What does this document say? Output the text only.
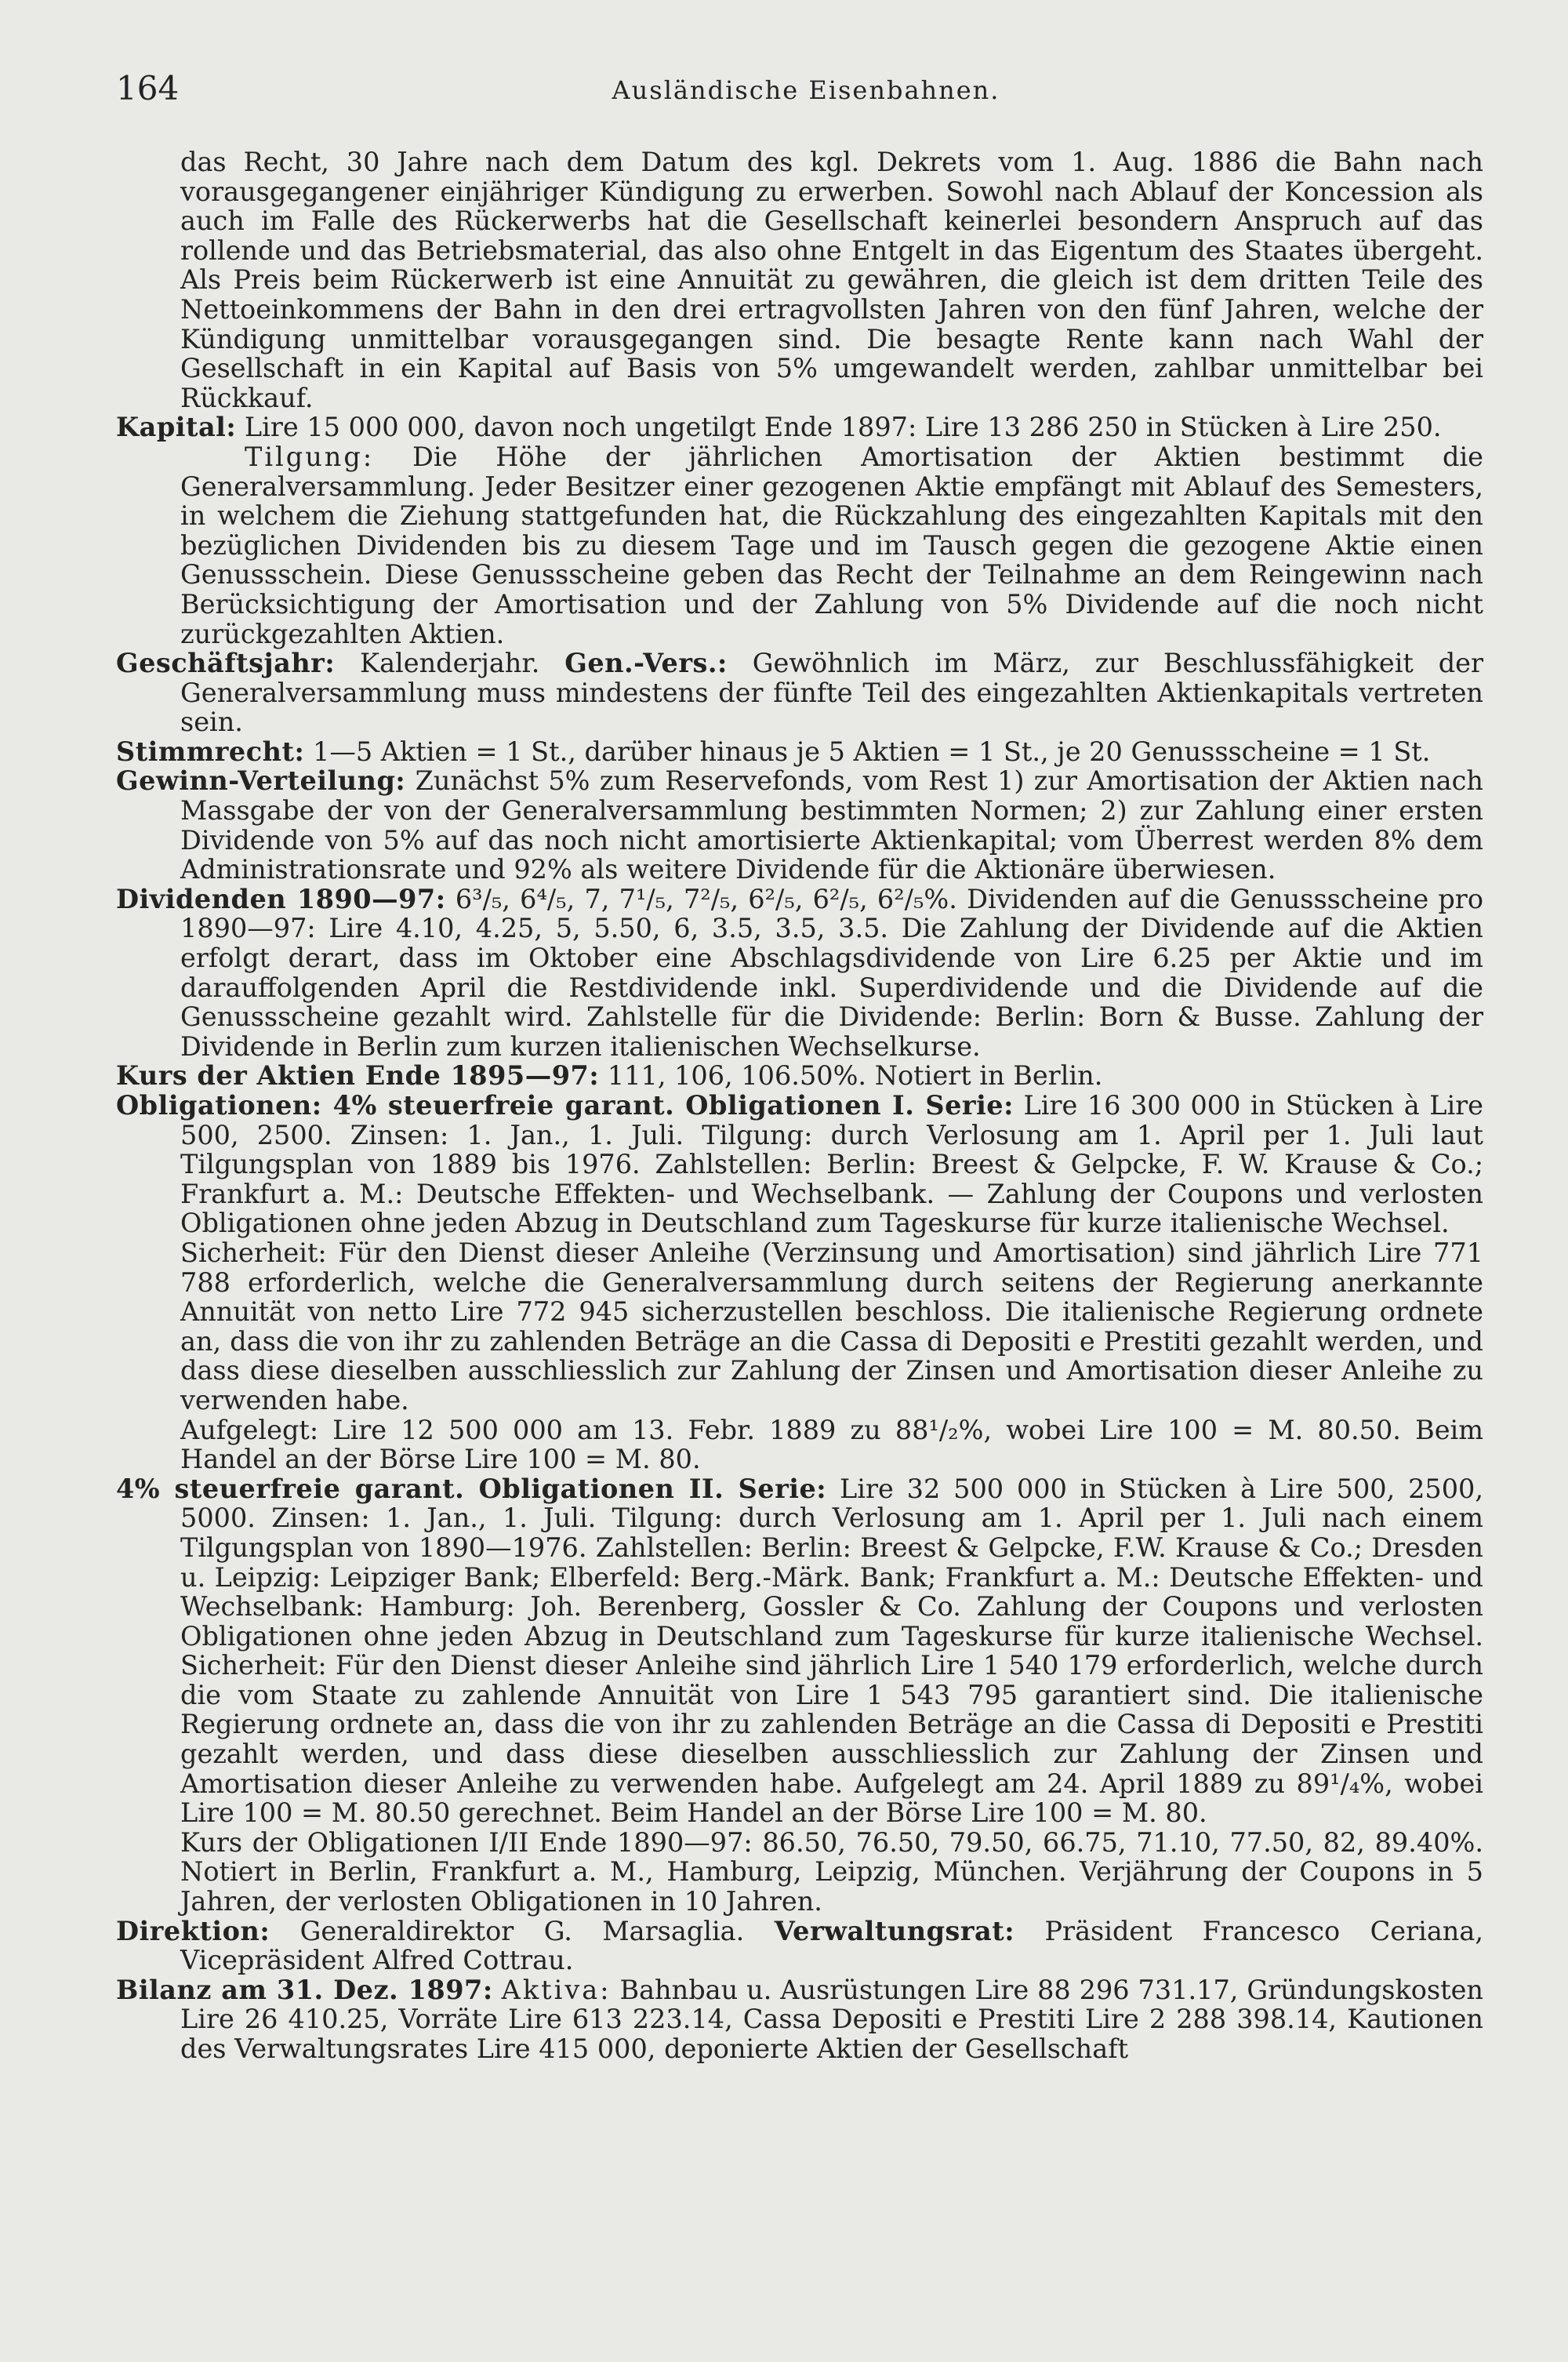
164	Ausländische Eisenbahnen.

das Recht, 30 Jahre nach dem Datum des kgl. Dekrets vom 1. Aug. 1886 die Bahn nach vorausgegangener einjähriger Kündigung zu erwerben. Sowohl nach Ablauf der Koncession als auch im Falle des Rückerwerbs hat die Gesellschaft keinerlei besondern Anspruch auf das rollende und das Betriebsmaterial, das also ohne Entgelt in das Eigentum des Staates übergeht. Als Preis beim Rückerwerb ist eine Annuität zu gewähren, die gleich ist dem dritten Teile des Nettoeinkommens der Bahn in den drei ertragvollsten Jahren von den fünf Jahren, welche der Kündigung unmittelbar vorausgegangen sind. Die besagte Rente kann nach Wahl der Gesellschaft in ein Kapital auf Basis von 5% umgewandelt werden, zahlbar unmittelbar bei Rückkauf.

Kapital: Lire 15 000 000, davon noch ungetilgt Ende 1897: Lire 13 286 250 in Stücken à Lire 250.

Tilgung: Die Höhe der jährlichen Amortisation der Aktien bestimmt die Generalversammlung. Jeder Besitzer einer gezogenen Aktie empfängt mit Ablauf des Semesters, in welchem die Ziehung stattgefunden hat, die Rückzahlung des eingezahlten Kapitals mit den bezüglichen Dividenden bis zu diesem Tage und im Tausch gegen die gezogene Aktie einen Genussschein. Diese Genussscheine geben das Recht der Teilnahme an dem Reingewinn nach Berücksichtigung der Amortisation und der Zahlung von 5% Dividende auf die noch nicht zurückgezahlten Aktien.

Geschäftsjahr: Kalenderjahr. Gen.-Vers.: Gewöhnlich im März, zur Beschlussfähigkeit der Generalversammlung muss mindestens der fünfte Teil des eingezahlten Aktienkapitals vertreten sein.

Stimmrecht: 1—5 Aktien = 1 St., darüber hinaus je 5 Aktien = 1 St., je 20 Genussscheine = 1 St.

Gewinn-Verteilung: Zunächst 5% zum Reservefonds, vom Rest 1) zur Amortisation der Aktien nach Massgabe der von der Generalversammlung bestimmten Normen; 2) zur Zahlung einer ersten Dividende von 5% auf das noch nicht amortisierte Aktienkapital; vom Überrest werden 8% dem Administrationsrate und 92% als weitere Dividende für die Aktionäre überwiesen.

Dividenden 1890—97: 6³/₅, 6⁴/₅, 7, 7¹/₅, 7²/₅, 6²/₅, 6²/₅, 6²/₅%. Dividenden auf die Genussscheine pro 1890—97: Lire 4.10, 4.25, 5, 5.50, 6, 3.5, 3.5, 3.5. Die Zahlung der Dividende auf die Aktien erfolgt derart, dass im Oktober eine Abschlagsdividende von Lire 6.25 per Aktie und im darauffolgenden April die Restdividende inkl. Superdividende und die Dividende auf die Genussscheine gezahlt wird. Zahlstelle für die Dividende: Berlin: Born & Busse. Zahlung der Dividende in Berlin zum kurzen italienischen Wechselkurse.

Kurs der Aktien Ende 1895—97: 111, 106, 106.50%. Notiert in Berlin.

Obligationen: 4% steuerfreie garant. Obligationen I. Serie: Lire 16 300 000 in Stücken à Lire 500, 2500. Zinsen: 1. Jan., 1. Juli. Tilgung: durch Verlosung am 1. April per 1. Juli laut Tilgungsplan von 1889 bis 1976. Zahlstellen: Berlin: Breest & Gelpcke, F. W. Krause & Co.; Frankfurt a. M.: Deutsche Effekten- und Wechselbank. — Zahlung der Coupons und verlosten Obligationen ohne jeden Abzug in Deutschland zum Tageskurse für kurze italienische Wechsel.

Sicherheit: Für den Dienst dieser Anleihe (Verzinsung und Amortisation) sind jährlich Lire 771 788 erforderlich, welche die Generalversammlung durch seitens der Regierung anerkannte Annuität von netto Lire 772 945 sicherzustellen beschloss. Die italienische Regierung ordnete an, dass die von ihr zu zahlenden Beträge an die Cassa di Depositi e Prestiti gezahlt werden, und dass diese dieselben ausschliesslich zur Zahlung der Zinsen und Amortisation dieser Anleihe zu verwenden habe.

Aufgelegt: Lire 12 500 000 am 13. Febr. 1889 zu 88¹/₂%, wobei Lire 100 = M. 80.50. Beim Handel an der Börse Lire 100 = M. 80.

4% steuerfreie garant. Obligationen II. Serie: Lire 32 500 000 in Stücken à Lire 500, 2500, 5000. Zinsen: 1. Jan., 1. Juli. Tilgung: durch Verlosung am 1. April per 1. Juli nach einem Tilgungsplan von 1890—1976. Zahlstellen: Berlin: Breest & Gelpcke, F.W. Krause & Co.; Dresden u. Leipzig: Leipziger Bank; Elberfeld: Berg.-Märk. Bank; Frankfurt a. M.: Deutsche Effekten- und Wechselbank: Hamburg: Joh. Berenberg, Gossler & Co. Zahlung der Coupons und verlosten Obligationen ohne jeden Abzug in Deutschland zum Tageskurse für kurze italienische Wechsel. Sicherheit: Für den Dienst dieser Anleihe sind jährlich Lire 1 540 179 erforderlich, welche durch die vom Staate zu zahlende Annuität von Lire 1 543 795 garantiert sind. Die italienische Regierung ordnete an, dass die von ihr zu zahlenden Beträge an die Cassa di Depositi e Prestiti gezahlt werden, und dass diese dieselben ausschliesslich zur Zahlung der Zinsen und Amortisation dieser Anleihe zu verwenden habe. Aufgelegt am 24. April 1889 zu 89¹/₄%, wobei Lire 100 = M. 80.50 gerechnet. Beim Handel an der Börse Lire 100 = M. 80.

Kurs der Obligationen I/II Ende 1890—97: 86.50, 76.50, 79.50, 66.75, 71.10, 77.50, 82, 89.40%. Notiert in Berlin, Frankfurt a. M., Hamburg, Leipzig, München. Verjährung der Coupons in 5 Jahren, der verlosten Obligationen in 10 Jahren.

Direktion: Generaldirektor G. Marsaglia. Verwaltungsrat: Präsident Francesco Ceriana, Vicepräsident Alfred Cottrau.

Bilanz am 31. Dez. 1897: Aktiva: Bahnbau u. Ausrüstungen Lire 88 296 731.17, Gründungskosten Lire 26 410.25, Vorräte Lire 613 223.14, Cassa Depositi e Prestiti Lire 2 288 398.14, Kautionen des Verwaltungsrates Lire 415 000, deponierte Aktien der Gesellschaft
